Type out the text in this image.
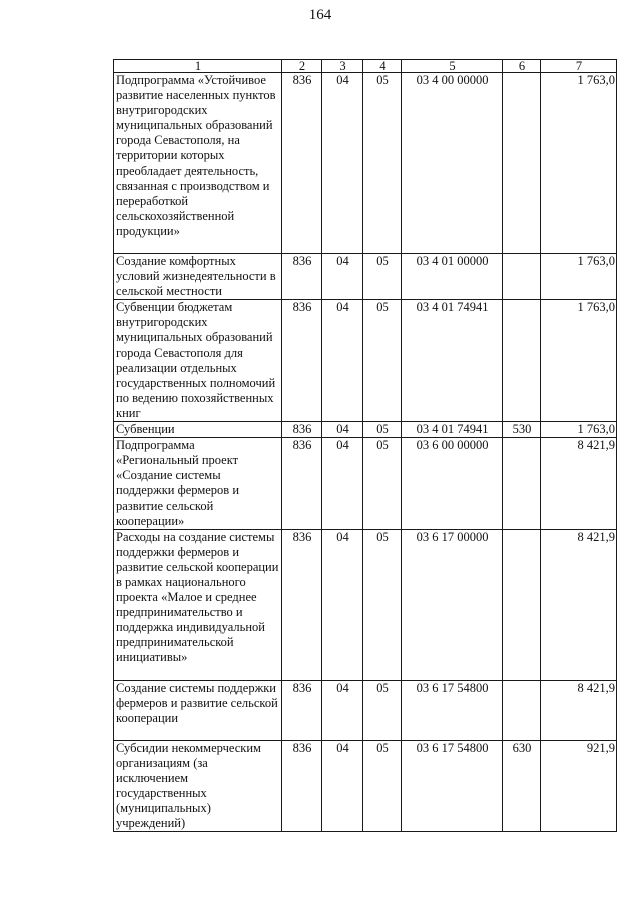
164
1	2	3	4	5	6	7
Подпрограмма «Устойчивое развитие населенных пунктов внутригородских муниципальных образований города Севастополя, на территории которых преобладает деятельность, связанная с производством и переработкой сельскохозяйственной продукции»	836	04	05	03 4 00 00000		1 763,0
Создание комфортных условий жизнедеятельности в сельской местности	836	04	05	03 4 01 00000		1 763,0
Субвенции бюджетам внутригородских муниципальных образований города Севастополя для реализации отдельных государственных полномочий по ведению похозяйственных книг	836	04	05	03 4 01 74941		1 763,0
Субвенции	836	04	05	03 4 01 74941	530	1 763,0
Подпрограмма «Региональный проект «Создание системы поддержки фермеров и развитие сельской кооперации»	836	04	05	03 6 00 00000		8 421,9
Расходы на создание системы поддержки фермеров и развитие сельской кооперации в рамках национального проекта «Малое и среднее предпринимательство и поддержка индивидуальной предпринимательской инициативы»	836	04	05	03 6 17 00000		8 421,9
Создание системы поддержки фермеров и развитие сельской кооперации	836	04	05	03 6 17 54800		8 421,9
Субсидии некоммерческим организациям (за исключением государственных (муниципальных) учреждений)	836	04	05	03 6 17 54800	630	921,9
